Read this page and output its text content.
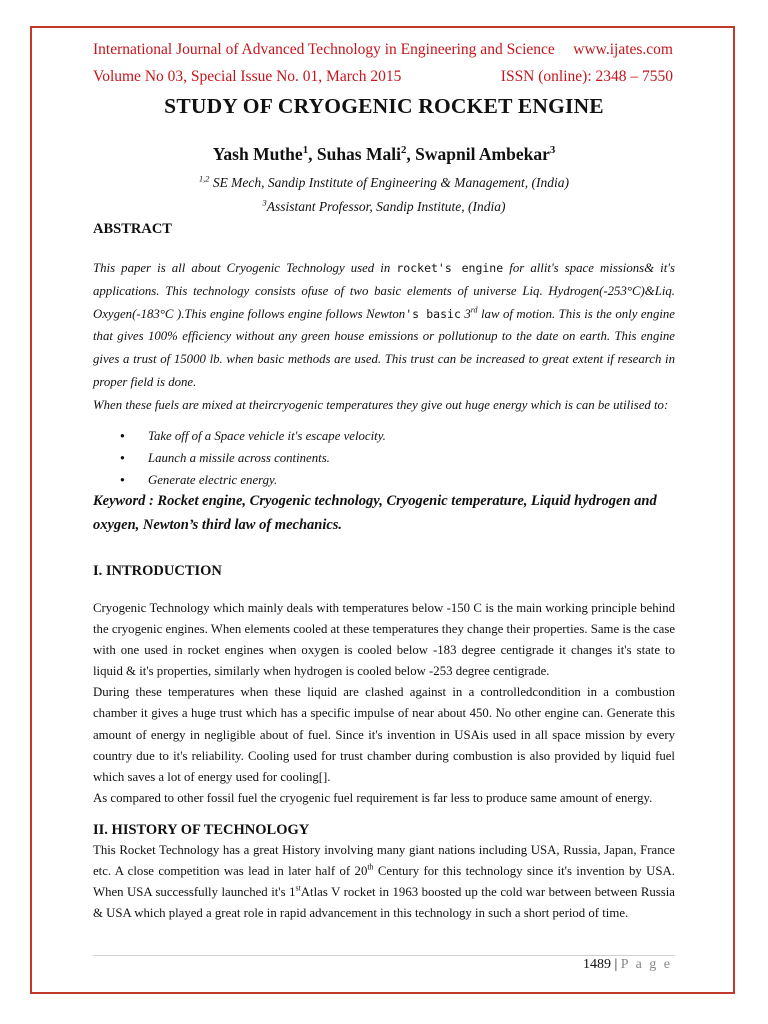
International Journal of Advanced Technology in Engineering and Science www.ijates.com
Volume No 03, Special Issue No. 01, March 2015	ISSN (online): 2348 – 7550
STUDY OF CRYOGENIC ROCKET ENGINE
Yash Muthe$^1$, Suhas Mali$^2$, Swapnil Ambekar$^3$
$^{1,2}$ SE Mech, Sandip Institute of Engineering & Management, (India)
$^3$Assistant Professor, Sandip Institute, (India)
ABSTRACT

This paper is all about Cryogenic Technology used in rocket's engine for allit's space missions& it's applications. This technology consists ofuse of two basic elements of universe Liq. Hydrogen(-253°C)&Liq. Oxygen(-183°C ).This engine follows engine follows Newton's basic 3rd law of motion. This is the only engine that gives 100% efficiency without any green house emissions or pollutionup to the date on earth. This engine gives a trust of 15000 lb. when basic methods are used. This trust can be increased to great extent if research in proper field is done.

When these fuels are mixed at theircryogenic temperatures they give out huge energy which is can be utilised to:

● Take off of a Space vehicle it's escape velocity.
● Launch a missile across continents.
● Generate electric energy.
Keyword : Rocket engine, Cryogenic technology, Cryogenic temperature, Liquid hydrogen and oxygen, Newton’s third law of mechanics.
I. INTRODUCTION

Cryogenic Technology which mainly deals with temperatures below -150 C is the main working principle behind the cryogenic engines. When elements cooled at these temperatures they change their properties. Same is the case with one used in rocket engines when oxygen is cooled below -183 degree centigrade it changes it's state to liquid & it's properties, similarly when hydrogen is cooled below -253 degree centigrade.

During these temperatures when these liquid are clashed against in a controlledcondition in a combustion chamber it gives a huge trust which has a specific impulse of near about 450. No other engine can. Generate this amount of energy in negligible about of fuel. Since it's invention in USAis used in all space mission by every country due to it's reliability. Cooling used for trust chamber during combustion is also provided by liquid fuel which saves a lot of energy used for cooling[].

As compared to other fossil fuel the cryogenic fuel requirement is far less to produce same amount of energy.

II. HISTORY OF TECHNOLOGY

This Rocket Technology has a great History involving many giant nations including USA, Russia, Japan, France etc. A close competition was lead in later half of 20th Century for this technology since it's invention by USA. When USA successfully launched it's 1stAtlas V rocket in 1963 boosted up the cold war between between Russia & USA which played a great role in rapid advancement in this technology in such a short period of time.

1489 | P a g e
